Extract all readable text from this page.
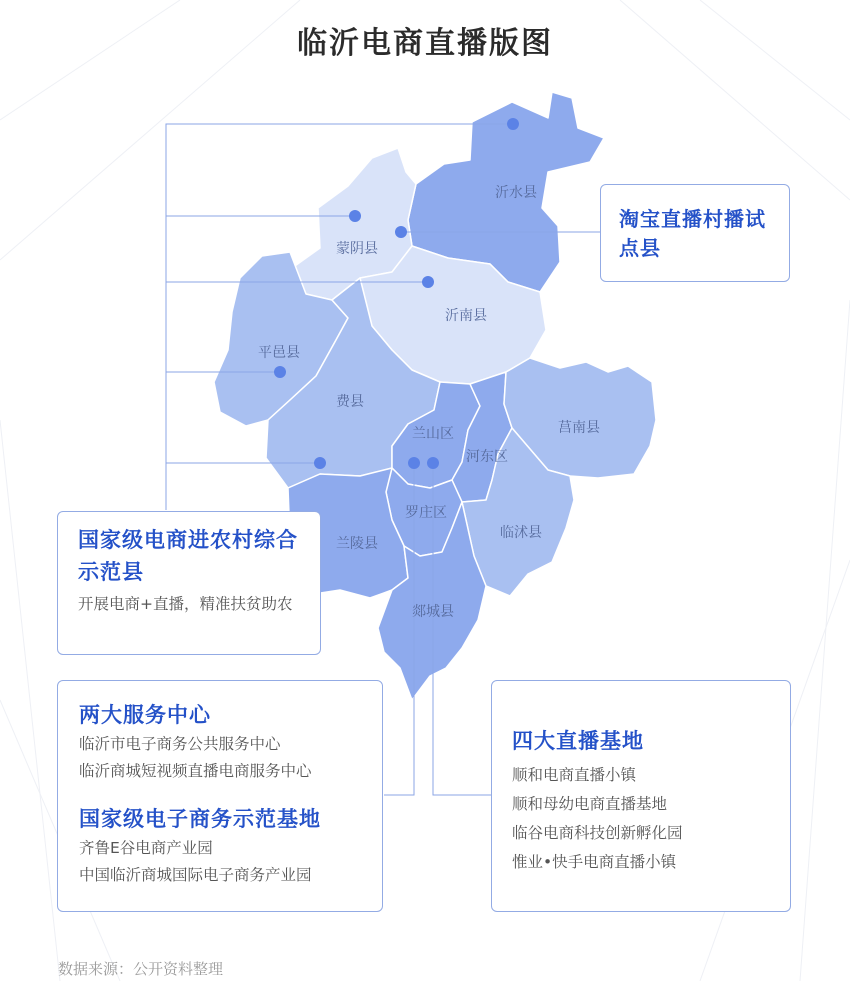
临沂电商直播版图
沂水县
蒙阴县
沂南县
平邑县
费县
兰山区
河东区
莒南县
罗庄区
兰陵县
临沭县
郯城县
淘宝直播村播试点县
国家级电商进农村综合示范县

开展电商+直播，精准扶贫助农

两大服务中心

临沂市电子商务公共服务中心

临沂商城短视频直播电商服务中心

国家级电子商务示范基地

齐鲁E谷电商产业园

中国临沂商城国际电子商务产业园

四大直播基地

顺和电商直播小镇

顺和母幼电商直播基地

临谷电商科技创新孵化园

惟业•快手电商直播小镇

数据来源：公开资料整理
